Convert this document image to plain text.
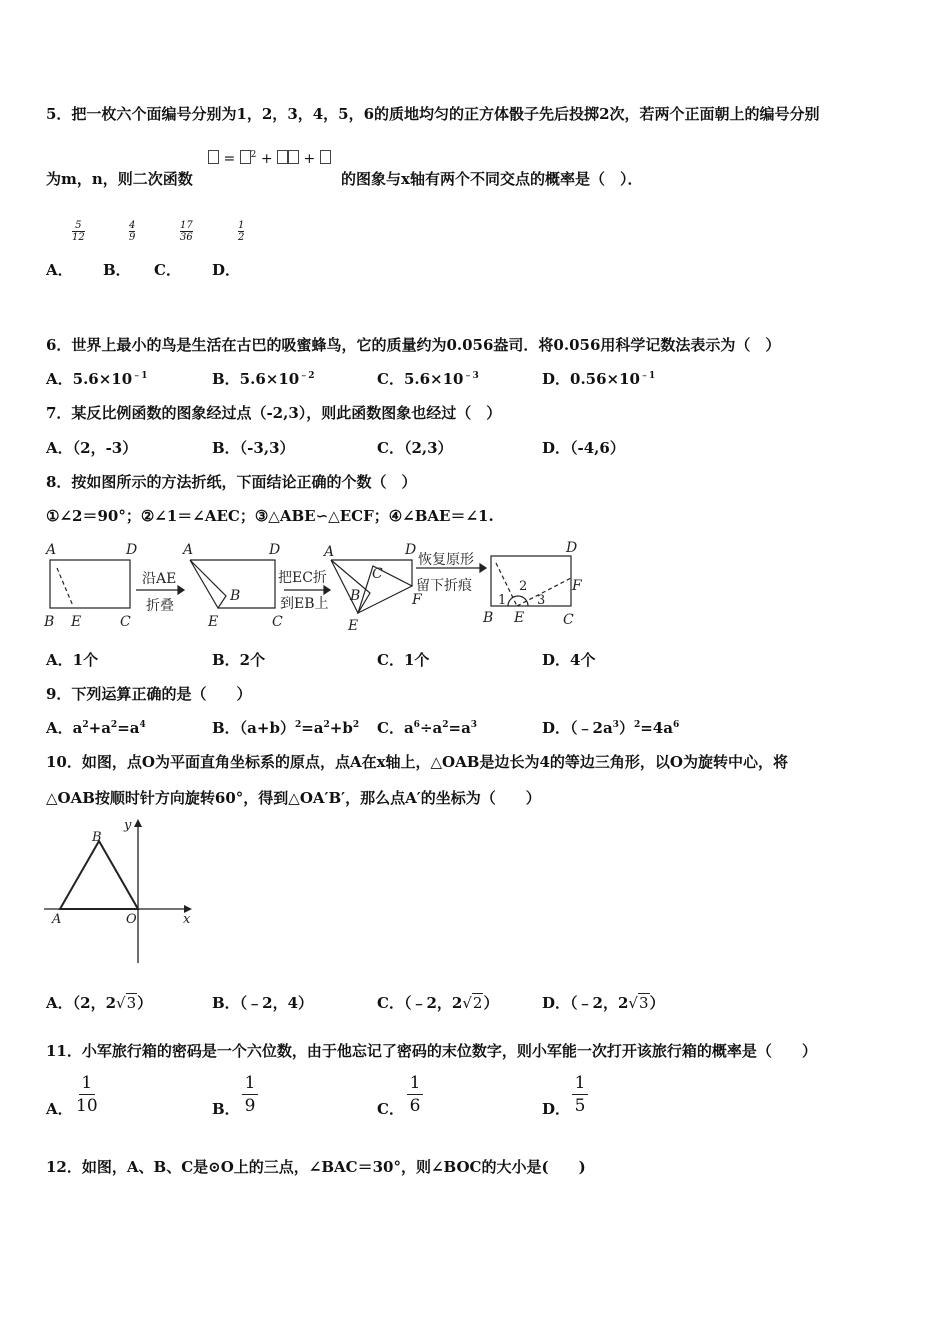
5．把一枚六个面编号分别为1，2，3，4，5，6的质地均匀的正方体骰子先后投掷2次，若两个正面朝上的编号分别
为m，n，则二次函数
= $^2$ + +
的图象与x轴有两个不同交点的概率是（　）．
5
12
4
9
17
36
1
2
A． B． C． D．
6．世界上最小的鸟是生活在古巴的吸蜜蜂鸟，它的质量约为0.056盎司．将0.056用科学记数法表示为（　）
A．$5.6\times 10^{﹣1}$	B．$5.6\times 10^{﹣2}$	C．$5.6\times 10^{﹣3}$	D．$0.56\times 10^{﹣1}$
7．某反比例函数的图象经过点（-2,3），则此函数图象也经过（　）
A．（2，-3）	B．（-3,3）	C．（2,3）	D．（-4,6）
8．按如图所示的方法折纸，下面结论正确的个数（　）
①∠2＝90°；②∠1＝∠AEC；③△ABE∽△ECF；④∠BAE＝∠1.
A	D
B E	C
A	D
B
E	C
A	D
C
B	F
E
D
B E	C
F
1
2
3
沿AE
折叠
把EC折
到EB上
恢复原形
留下折痕
A．1个	B．2个	C．1个	D．4个
9．下列运算正确的是（　　）
A．$a^2+a^2=a^4$	B．$(a+b)^2=a^2+b^2$ C．$a^6\div a^2=a^3$	D．$(﹣2a^3)^2=4a^6$
10．如图，点O为平面直角坐标系的原点，点A在x轴上，△OAB是边长为4的等边三角形，以O为旋转中心，将
△OAB按顺时针方向旋转60°，得到△OA′B′，那么点A′的坐标为（　　）
y
x
A
B
O
A．（2，2√3）	B．（﹣2，4）	C．（﹣2，2√2）	D．（﹣2，2√3）
11．小军旅行箱的密码是一个六位数，由于他忘记了密码的末位数字，则小军能一次打开该旅行箱的概率是（　　）
A．
1
10	B．
1
9	C．
1
6	D．
1
5
12．如图，A、B、C是⊙O上的三点，∠BAC＝30°，则∠BOC的大小是(　　)
